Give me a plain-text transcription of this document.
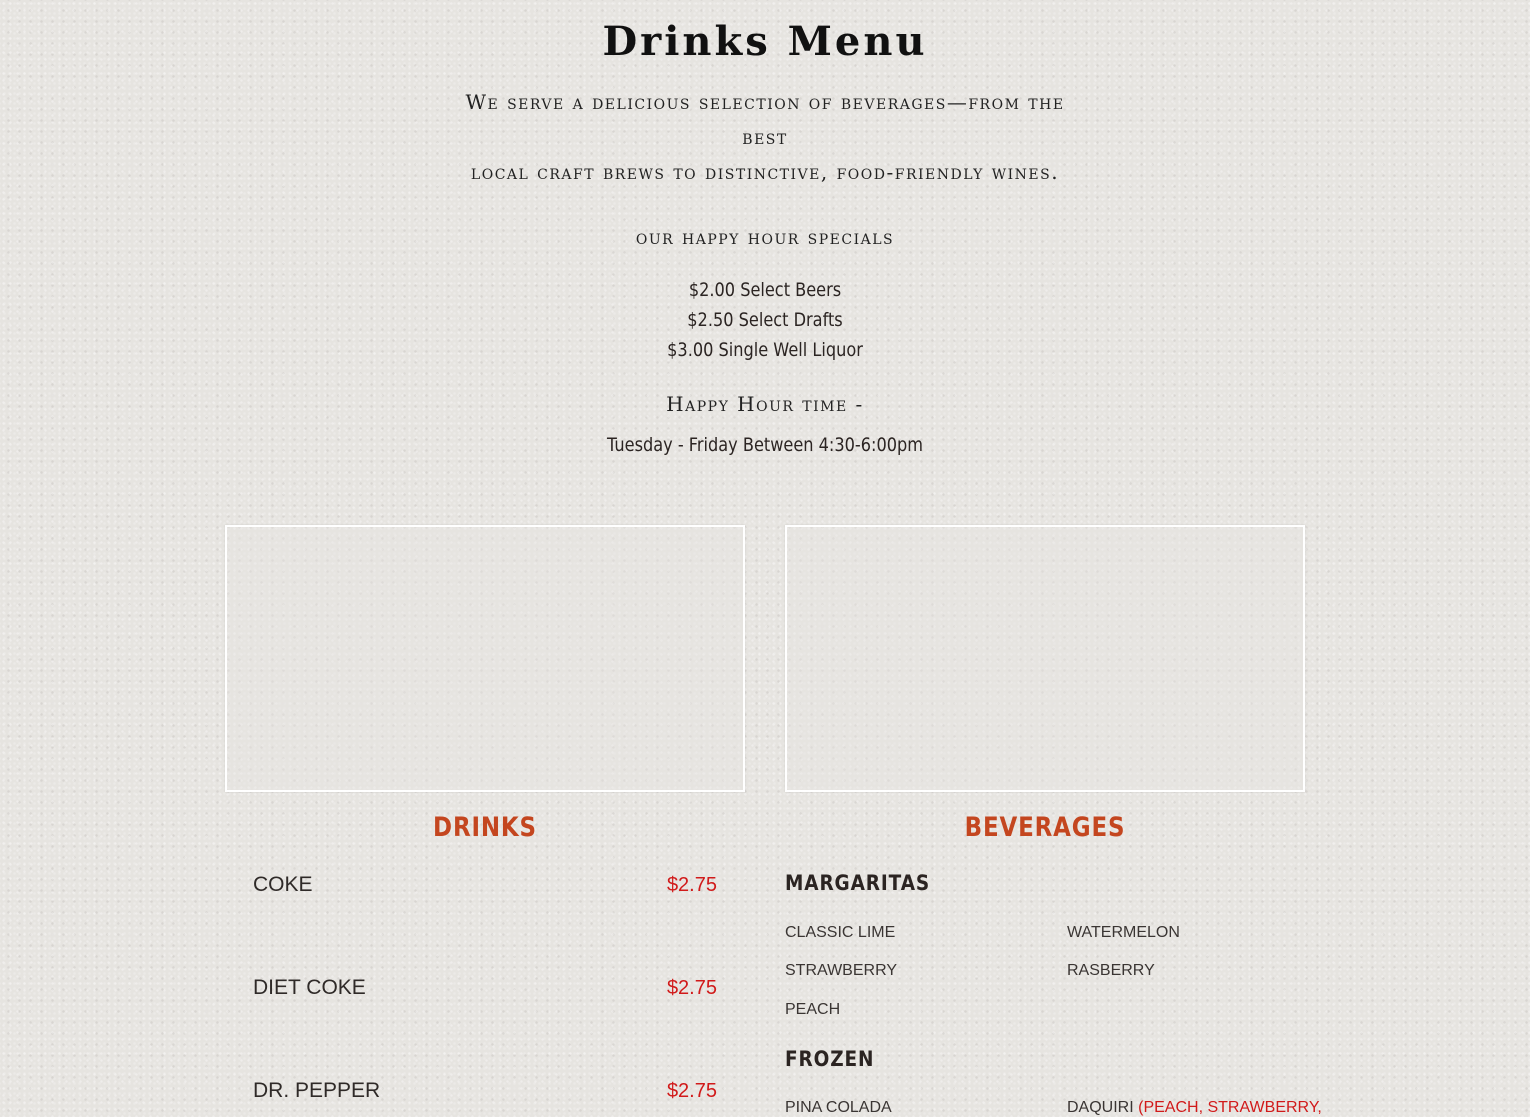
Drinks Menu
We serve a delicious selection of beverages—from the
best
local craft brews to distinctive, food-friendly wines.
our happy hour specials
$2.00 Select Beers
$2.50 Select Drafts
$3.00 Single Well Liquor
Happy Hour time -
Tuesday - Friday Between 4:30-6:00pm
DRINKS	BEVERAGES
COKE	$2.75
DIET COKE	$2.75
DR. PEPPER	$2.75
MARGARITAS
CLASSIC LIME	WATERMELON
STRAWBERRY	RASBERRY
PEACH
FROZEN
PINA COLADA	DAQUIRI (PEACH, STRAWBERRY,
